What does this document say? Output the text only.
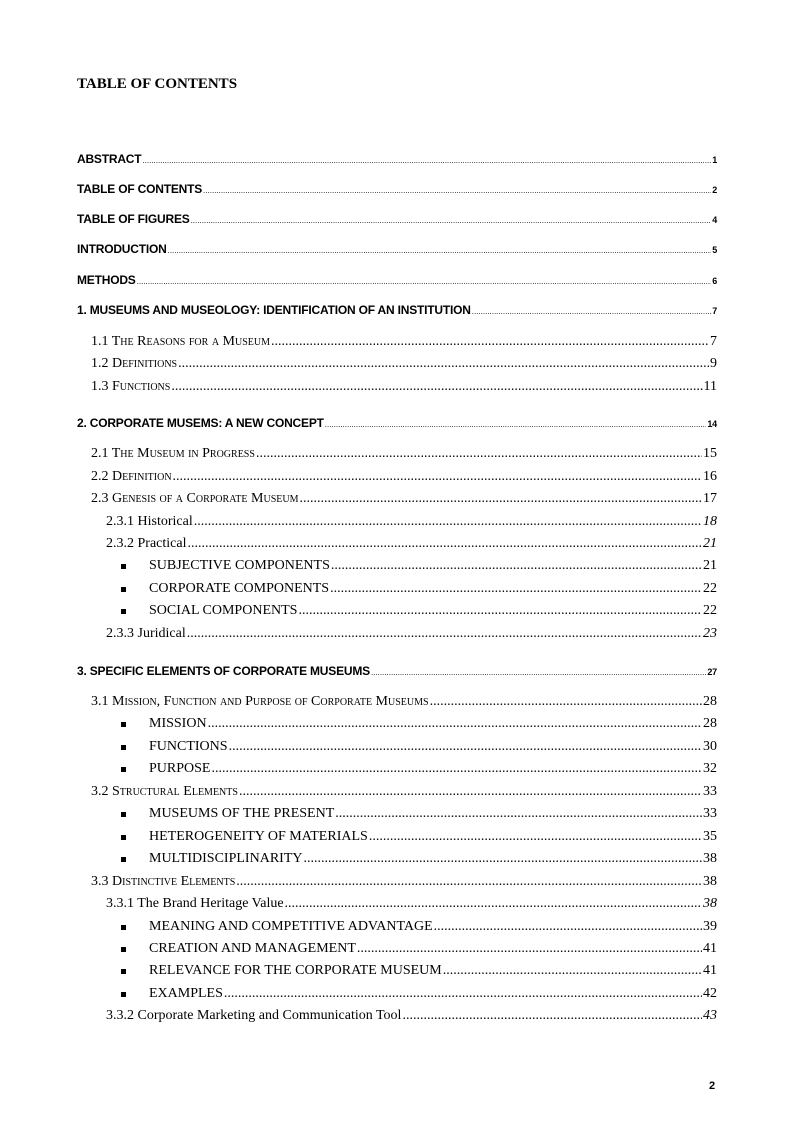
TABLE OF CONTENTS
ABSTRACT .....	1
TABLE OF CONTENTS .....	2
TABLE OF FIGURES .....	4
INTRODUCTION .....	5
METHODS .....	6
1. MUSEUMS AND MUSEOLOGY: IDENTIFICATION OF AN INSTITUTION .....	7
1.1 The Reasons for a Museum .....	7
1.2 Definitions .....	9
1.3 Functions .....	11
2. CORPORATE MUSEMS: A NEW CONCEPT .....	14
2.1 The Museum in Progress .....	15
2.2 Definition .....	16
2.3 Genesis of a Corporate Museum .....	17
2.3.1 Historical .....	18
2.3.2 Practical .....	21
SUBJECTIVE COMPONENTS .....	21
CORPORATE COMPONENTS .....	22
SOCIAL COMPONENTS .....	22
2.3.3 Juridical .....	23
3. SPECIFIC ELEMENTS OF CORPORATE MUSEUMS .....	27
3.1 Mission, Function and Purpose of Corporate Museums .....	28
MISSION .....	28
FUNCTIONS .....	30
PURPOSE .....	32
3.2 Structural Elements .....	33
MUSEUMS OF THE PRESENT .....	33
HETEROGENEITY OF MATERIALS .....	35
MULTIDISCIPLINARITY .....	38
3.3 Distinctive Elements .....	38
3.3.1 The Brand Heritage Value .....	38
MEANING AND COMPETITIVE ADVANTAGE .....	39
CREATION AND MANAGEMENT .....	41
RELEVANCE FOR THE CORPORATE MUSEUM .....	41
EXAMPLES .....	42
3.3.2 Corporate Marketing and Communication Tool .....	43
2
